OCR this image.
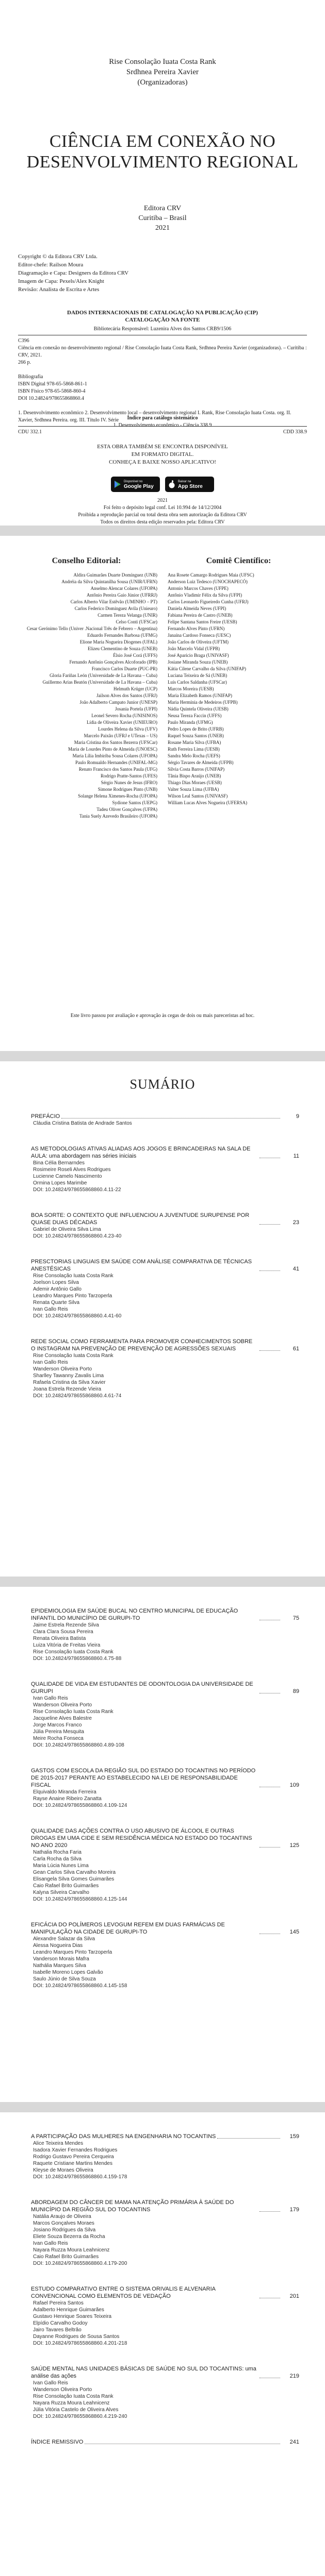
Rise Consolação Iuata Costa Rank
Srdhnea Pereira Xavier
(Organizadoras)
CIÊNCIA EM CONEXÃO NO
DESENVOLVIMENTO REGIONAL
Editora CRV
Curitiba – Brasil
2021
Copyright © da Editora CRV Ltda.
Editor-chefe: Railson Moura
Diagramação e Capa: Designers da Editora CRV
Imagem de Capa: Pexels/Alex Knight
Revisão: Analista de Escrita e Artes
DADOS INTERNACIONAIS DE CATALOGAÇÃO NA PUBLICAÇÃO (CIP)
CATALOGAÇÃO NA FONTE
Bibliotecária Responsável: Luzenira Alves dos Santos CRB9/1506
C396
Ciência em conexão no desenvolvimento regional / Rise Consolação Iuata Costa Rank, Srdhnea Pereira Xavier (organizadoras). – Curitiba : CRV, 2021.
266 p.

Bibliografia
ISBN Digital 978-65-5868-861-1
ISBN Físico 978-65-5868-860-4
DOI 10.24824/978655868860.4

1. Desenvolvimento econômico 2. Desenvolvimento local – desenvolvimento regional I. Rank, Rise Consolação Iuata Costa. org. II. Xavier, Srdhnea Pereira. org. III. Título IV. Série
CDU 332.1	CDD 338.9
Índice para catálogo sistemático
1. Desenvolvimento econômico - Ciência 338.9
ESTA OBRA TAMBÉM SE ENCONTRA DISPONÍVEL
EM FORMATO DIGITAL.
CONHEÇA E BAIXE NOSSO APLICATIVO!
Disponível no
Google Play
Baixar na
App Store
2021
Foi feito o depósito legal conf. Lei 10.994 de 14/12/2004
Proibida a reprodução parcial ou total desta obra sem autorização da Editora CRV
Todos os direitos desta edição reservados pela: Editora CRV
Conselho Editorial:
Aldira Guimarães Duarte Domínguez (UNB)
Andréia da Silva Quintanilha Sousa (UNIR/UFRN)
Anselmo Alencar Colares (UFOPA)
Antônio Pereira Gaio Júnior (UFRRJ)
Carlos Alberto Vilar Estêvão (UMINHO – PT)
Carlos Federico Dominguez Avila (Unieuro)
Carmen Tereza Velanga (UNIR)
Celso Conti (UFSCar)
Cesar Gerónimo Tello (Univer .Nacional Três de Febrero – Argentina)
Eduardo Fernandes Barbosa (UFMG)
Elione Maria Nogueira Diogenes (UFAL)
Elizeu Clementino de Souza (UNEB)
Élsio José Corá (UFFS)
Fernando Antônio Gonçalves Alcoforado (IPB)
Francisco Carlos Duarte (PUC-PR)
Gloria Fariñas León (Universidade de La Havana – Cuba)
Guillermo Arias Beatón (Universidade de La Havana – Cuba)
Helmuth Krüger (UCP)
Jailson Alves dos Santos (UFRJ)
João Adalberto Campato Junior (UNESP)
Josania Portela (UFPI)
Leonel Severo Rocha (UNISINOS)
Lídia de Oliveira Xavier (UNIEURO)
Lourdes Helena da Silva (UFV)
Marcelo Paixão (UFRJ e UTexas – US)
Maria Cristina dos Santos Bezerra (UFSCar)
Maria de Lourdes Pinto de Almeida (UNOESC)
Maria Lília Imbiriba Sousa Colares (UFOPA)
Paulo Romualdo Hernandes (UNIFAL-MG)
Renato Francisco dos Santos Paula (UFG)
Rodrigo Pratte-Santos (UFES)
Sérgio Nunes de Jesus (IFRO)
Simone Rodrigues Pinto (UNB)
Solange Helena Ximenes-Rocha (UFOPA)
Sydione Santos (UEPG)
Tadeu Oliver Gonçalves (UFPA)
Tania Suely Azevedo Brasileiro (UFOPA)
Comitê Científico:
Ana Rosete Camargo Rodrigues Maia (UFSC)
Anderson Luiz Tedesco (UNOCHAPECÓ)
Antonio Marcos Chaves (UFPE)
Antônio Vladimir Félix da Silva (UFPI)
Carlos Leonardo Figueiredo Cunha (UFRJ)
Daniela Almeida Neves (UFPI)
Fabiana Pereira de Castro (UNEB)
Felipe Santana Santos Freire (UESB)
Fernando Alves Pinto (UFRN)
Janaína Cardoso Fonseca (UESC)
João Carlos de Oliveira (UFTM)
João Marcelo Vidal (UFPB)
José Aparicio Braga (UNIVASF)
Josiane Miranda Souza (UNEB)
Kátia Cilene Carvalho da Silva (UNIFAP)
Luciana Teixeira de Sá (UNEB)
Luís Carlos Saldanha (UFSCar)
Marcos Moreira (UESB)
Maria Elizabeth Ramos (UNIFAP)
Maria Hermínia de Medeiros (UFPB)
Nádia Quintela Oliveira (UESB)
Neusa Tereza Faccin (UFFS)
Paulo Miranda (UFMG)
Pedro Lopes de Brito (UFRB)
Raquel Souza Santos (UNEB)
Rosane Maria Silva (UFBA)
Ruth Ferreira Lima (UESB)
Sandra Melo Rocha (UEFS)
Sérgio Tavares de Almeida (UFPB)
Sílvia Costa Barros (UNIFAP)
Tânia Bispo Araújo (UNEB)
Thiago Dias Moraes (UESB)
Valter Souza Lima (UFBA)
Wilson Leal Santos (UNIVASF)
William Lucas Alves Nogueira (UFERSA)
Este livro passou por avaliação e aprovação às cegas de dois ou mais pareceristas ad hoc.
SUMÁRIO
PREFÁCIO	9
Cláudia Cristina Batista de Andrade Santos
AS METODOLOGIAS ATIVAS ALIADAS AOS JOGOS E BRINCADEIRAS NA SALA DE AULA: uma abordagem nas séries iniciais	11
Bina Célia Bernarndes
Rosimeire Roseli Alves Rodrigues
Lucienne Camelo Nascimento
Ormina Lopes Marimbe
DOI: 10.24824/978655868860.4.11-22
BOA SORTE: O CONTEXTO QUE INFLUENCIOU A JUVENTUDE SURUPENSE POR QUASE DUAS DÉCADAS	23
Gabriel de Oliveira Silva Lima
DOI: 10.24824/978655868860.4.23-40
PRESCTORIAS LINGUAIS EM SAÚDE COM ANÁLISE COMPARATIVA DE TÉCNICAS ANESTÉSICAS	41
Rise Consolação Iuata Costa Rank
Joelson Lopes Silva
Ademir Antônio Gallo
Leandro Marques Pinto Tarzoperla
Renata Quarte Silva
Ivan Gallo Reis
DOI: 10.24824/978655868860.4.41-60
REDE SOCIAL COMO FERRAMENTA PARA PROMOVER CONHECIMENTOS SOBRE O INSTAGRAM NA PREVENÇÃO DE PREVENÇÃO DE AGRESSÕES SEXUAIS	61
Rise Consolação Iuata Costa Rank
Ivan Gallo Reis
Wanderson Oliveira Porto
Sharlley Tawanny Zavalis Lima
Rafaela Cristina da Silva Xavier
Joana Estrela Rezende Vieira
DOI: 10.24824/978655868860.4.61-74
EPIDEMIOLOGIA EM SAÚDE BUCAL NO CENTRO MUNICIPAL DE EDUCAÇÃO INFANTIL DO MUNICÍPIO DE GURUPI-TO	75
Jaime Estrela Rezende Silva
Clara Clara Sousa Pereira
Renata Oliveira Batista
Luiza Vitória de Freitas Vieira
Rise Consolação Iuata Costa Rank
DOI: 10.24824/978655868860.4.75-88
QUALIDADE DE VIDA EM ESTUDANTES DE ODONTOLOGIA DA UNIVERSIDADE DE GURUPI	89
Ivan Gallo Reis
Wanderson Oliveira Porto
Rise Consolação Iuata Costa Rank
Jacqueline Alves Balestre
Jorge Marcos Franco
Júlia Pereira Mesquita
Meire Rocha Fonseca
DOI: 10.24824/978655868860.4.89-108
GASTOS COM ESCOLA DA REGIÃO SUL DO ESTADO DO TOCANTINS NO PERÍODO DE 2015-2017 PERANTE AO ESTABELECIDO NA LEI DE RESPONSABILIDADE FISCAL	109
Elquivaldo Miranda Ferreira
Rayse Anaine Ribeiro Zanatta
DOI: 10.24824/978655868860.4.109-124
QUALIDADE DAS AÇÕES CONTRA O USO ABUSIVO DE ÁLCOOL E OUTRAS DROGAS EM UMA CIDE E SEM RESIDÊNCIA MÉDICA NO ESTADO DO TOCANTINS NO ANO 2020	125
Nathalia Rocha Faria
Carla Rocha da Silva
Maria Lúcia Nunes Lima
Gean Carlos Silva Carvalho Moreira
Elisangela Silva Gomes Guimarães
Caio Rafael Brito Guimarães
Kalyna Silveira Carvalho
DOI: 10.24824/978655868860.4.125-144
EFICÁCIA DO POLÍMEROS LEVOGUM REFEM EM DUAS FARMÁCIAS DE MANIPULAÇÃO NA CIDADE DE GURUPI-TO	145
Alexandre Salazar da Silva
Alessa Nogueira Dias
Leandro Marques Pinto Tarzoperla
Vanderson Morais Mafra
Nathália Marques Silva
Isabelle Moreno Lopes Galvão
Saulo Júnio de Silva Souza
DOI: 10.24824/978655868860.4.145-158
A PARTICIPAÇÃO DAS MULHERES NA ENGENHARIA NO TOCANTINS	159
Alice Teixeira Mendes
Isadora Xavier Fernandes Rodrigues
Rodrigo Gustavo Pereira Cerqueira
Raquete Cristiane Martins Mendes
Kleyse de Moraes Oliveira
DOI: 10.24824/978655868860.4.159-178
ABORDAGEM DO CÂNCER DE MAMA NA ATENÇÃO PRIMÁRIA À SAÚDE DO MUNICÍPIO DA REGIÃO SUL DO TOCANTINS	179
Natália Araujo de Oliveira
Marcos Gonçalves Moraes
Josiano Rodrigues da Silva
Eliete Souza Bezerra da Rocha
Ivan Gallo Reis
Nayara Ruzza Moura Leahnicenz
Caio Rafael Brito Guimarães
DOI: 10.24824/978655868860.4.179-200
ESTUDO COMPARATIVO ENTRE O SISTEMA ORIVALIS E ALVENARIA CONVENCIONAL COMO ELEMENTOS DE VEDAÇÃO	201
Rafael Pereira Santos
Adalberto Henrique Guimarães
Gustavo Henrique Soares Teixeira
Elpídio Carvalho Godoy
Jairo Tavares Beltrão
Dayanne Rodrigues de Sousa Santos
DOI: 10.24824/978655868860.4.201-218
SAÚDE MENTAL NAS UNIDADES BÁSICAS DE SAÚDE NO SUL DO TOCANTINS: uma análise das ações	219
Ivan Gallo Reis
Wanderson Oliveira Porto
Rise Consolação Iuata Costa Rank
Nayara Ruzza Moura Leahnicenz
Júlia Vitória Castelo de Oliveira Alves
DOI: 10.24824/978655868860.4.219-240
ÍNDICE REMISSIVO	241
